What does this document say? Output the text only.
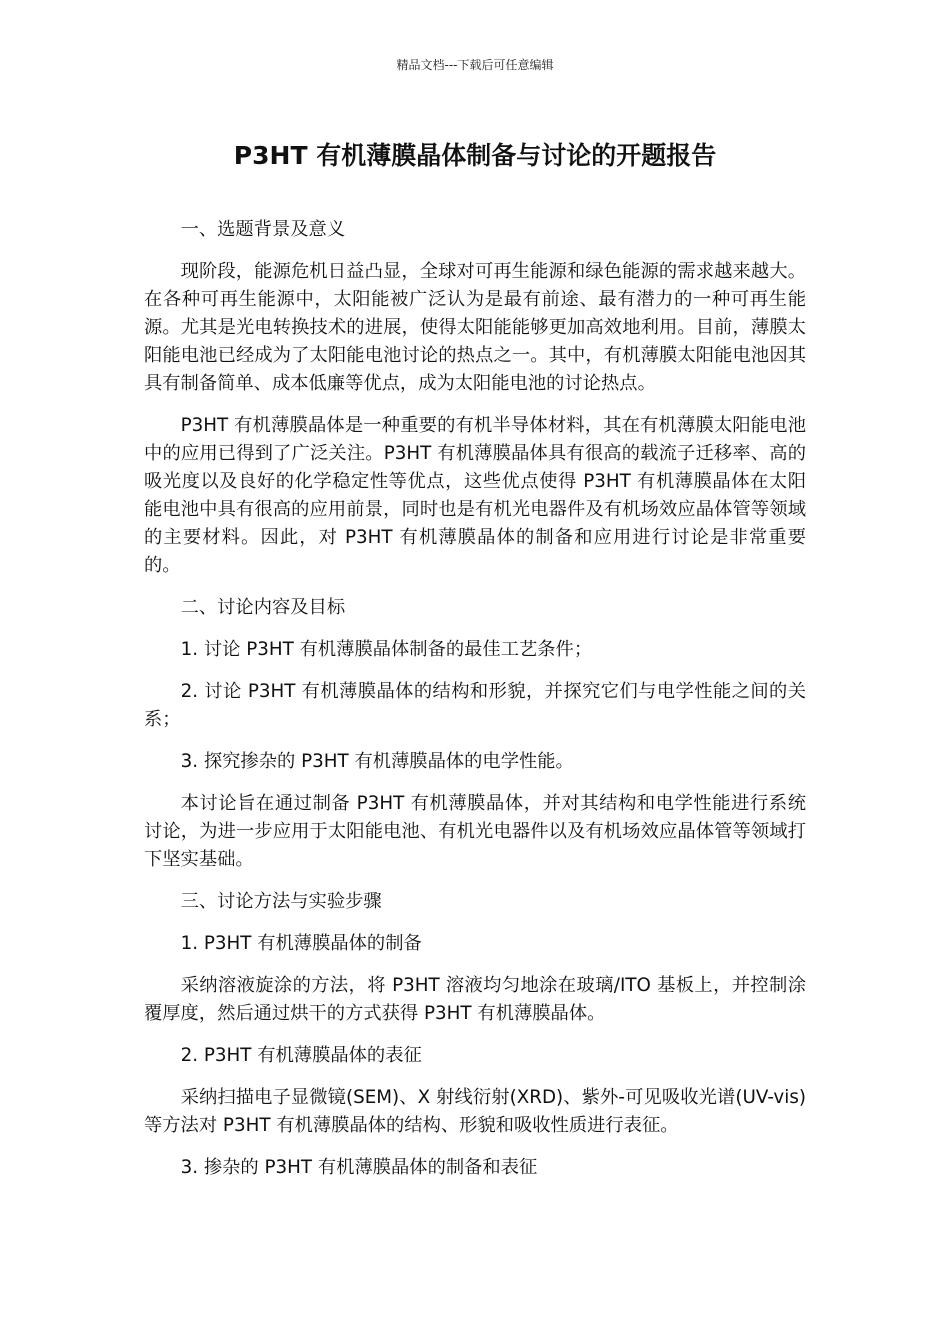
精品文档---下载后可任意编辑
P3HT 有机薄膜晶体制备与讨论的开题报告

一、选题背景及意义

现阶段，能源危机日益凸显，全球对可再生能源和绿色能源的需求越来越大。在各种可再生能源中，太阳能被广泛认为是最有前途、最有潜力的一种可再生能源。尤其是光电转换技术的进展，使得太阳能能够更加高效地利用。目前，薄膜太阳能电池已经成为了太阳能电池讨论的热点之一。其中，有机薄膜太阳能电池因其具有制备简单、成本低廉等优点，成为太阳能电池的讨论热点。

P3HT 有机薄膜晶体是一种重要的有机半导体材料，其在有机薄膜太阳能电池中的应用已得到了广泛关注。P3HT 有机薄膜晶体具有很高的载流子迁移率、高的吸光度以及良好的化学稳定性等优点，这些优点使得 P3HT 有机薄膜晶体在太阳能电池中具有很高的应用前景，同时也是有机光电器件及有机场效应晶体管等领域的主要材料。因此，对 P3HT 有机薄膜晶体的制备和应用进行讨论是非常重要的。

二、讨论内容及目标

1. 讨论 P3HT 有机薄膜晶体制备的最佳工艺条件；

2. 讨论 P3HT 有机薄膜晶体的结构和形貌，并探究它们与电学性能之间的关系；

3. 探究掺杂的 P3HT 有机薄膜晶体的电学性能。

本讨论旨在通过制备 P3HT 有机薄膜晶体，并对其结构和电学性能进行系统讨论，为进一步应用于太阳能电池、有机光电器件以及有机场效应晶体管等领域打下坚实基础。

三、讨论方法与实验步骤

1. P3HT 有机薄膜晶体的制备

采纳溶液旋涂的方法，将 P3HT 溶液均匀地涂在玻璃/ITO 基板上，并控制涂覆厚度，然后通过烘干的方式获得 P3HT 有机薄膜晶体。

2. P3HT 有机薄膜晶体的表征

采纳扫描电子显微镜(SEM)、X 射线衍射(XRD)、紫外-可见吸收光谱(UV-vis)等方法对 P3HT 有机薄膜晶体的结构、形貌和吸收性质进行表征。

3. 掺杂的 P3HT 有机薄膜晶体的制备和表征
